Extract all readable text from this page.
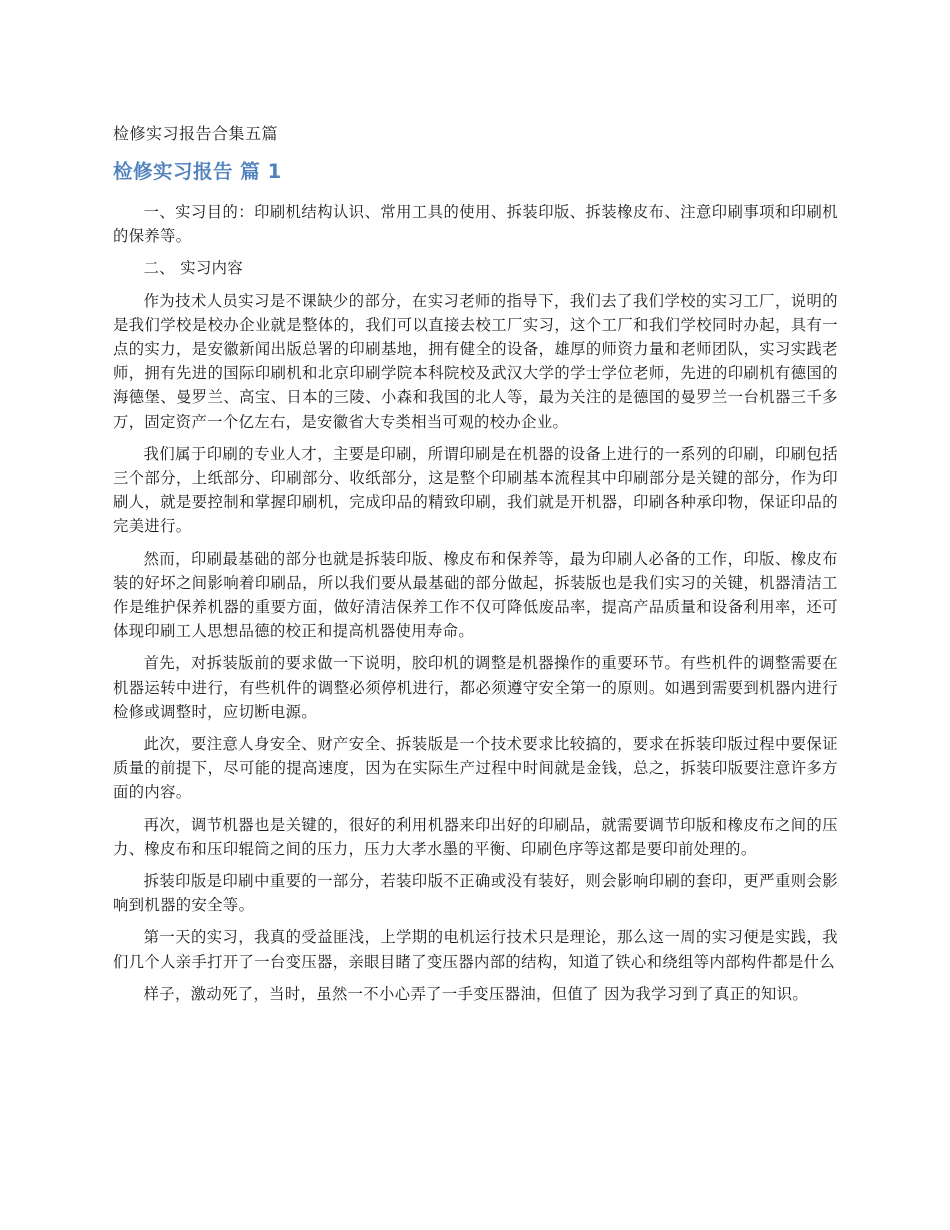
检修实习报告合集五篇
检修实习报告 篇 1

一、实习目的：印刷机结构认识、常用工具的使用、拆装印版、拆装橡皮布、注意印刷事项和印刷机的保养等。

二、 实习内容

作为技术人员实习是不课缺少的部分，在实习老师的指导下，我们去了我们学校的实习工厂，说明的是我们学校是校办企业就是整体的，我们可以直接去校工厂实习，这个工厂和我们学校同时办起，具有一点的实力，是安徽新闻出版总署的印刷基地，拥有健全的设备，雄厚的师资力量和老师团队，实习实践老师，拥有先进的国际印刷机和北京印刷学院本科院校及武汉大学的学士学位老师，先进的印刷机有德国的海德堡、曼罗兰、高宝、日本的三陵、小森和我国的北人等，最为关注的是德国的曼罗兰一台机器三千多万，固定资产一个亿左右，是安徽省大专类相当可观的校办企业。

我们属于印刷的专业人才，主要是印刷，所谓印刷是在机器的设备上进行的一系列的印刷，印刷包括三个部分，上纸部分、印刷部分、收纸部分，这是整个印刷基本流程其中印刷部分是关键的部分，作为印刷人，就是要控制和掌握印刷机，完成印品的精致印刷，我们就是开机器，印刷各种承印物，保证印品的完美进行。

然而，印刷最基础的部分也就是拆装印版、橡皮布和保养等，最为印刷人必备的工作，印版、橡皮布装的好坏之间影响着印刷品，所以我们要从最基础的部分做起，拆装版也是我们实习的关键，机器清洁工作是维护保养机器的重要方面，做好清洁保养工作不仅可降低废品率，提高产品质量和设备利用率，还可体现印刷工人思想品德的校正和提高机器使用寿命。

首先，对拆装版前的要求做一下说明，胶印机的调整是机器操作的重要环节。有些机件的调整需要在机器运转中进行，有些机件的调整必须停机进行，都必须遵守安全第一的原则。如遇到需要到机器内进行检修或调整时，应切断电源。

此次，要注意人身安全、财产安全、拆装版是一个技术要求比较搞的，要求在拆装印版过程中要保证质量的前提下，尽可能的提高速度，因为在实际生产过程中时间就是金钱，总之，拆装印版要注意许多方面的内容。

再次，调节机器也是关键的，很好的利用机器来印出好的印刷品，就需要调节印版和橡皮布之间的压力、橡皮布和压印辊筒之间的压力，压力大孝水墨的平衡、印刷色序等这都是要印前处理的。

拆装印版是印刷中重要的一部分，若装印版不正确或没有装好，则会影响印刷的套印，更严重则会影响到机器的安全等。

第一天的实习，我真的受益匪浅，上学期的电机运行技术只是理论，那么这一周的实习便是实践，我们几个人亲手打开了一台变压器，亲眼目睹了变压器内部的结构，知道了铁心和绕组等内部构件都是什么

样子，激动死了，当时，虽然一不小心弄了一手变压器油，但值了 因为我学习到了真正的知识。
